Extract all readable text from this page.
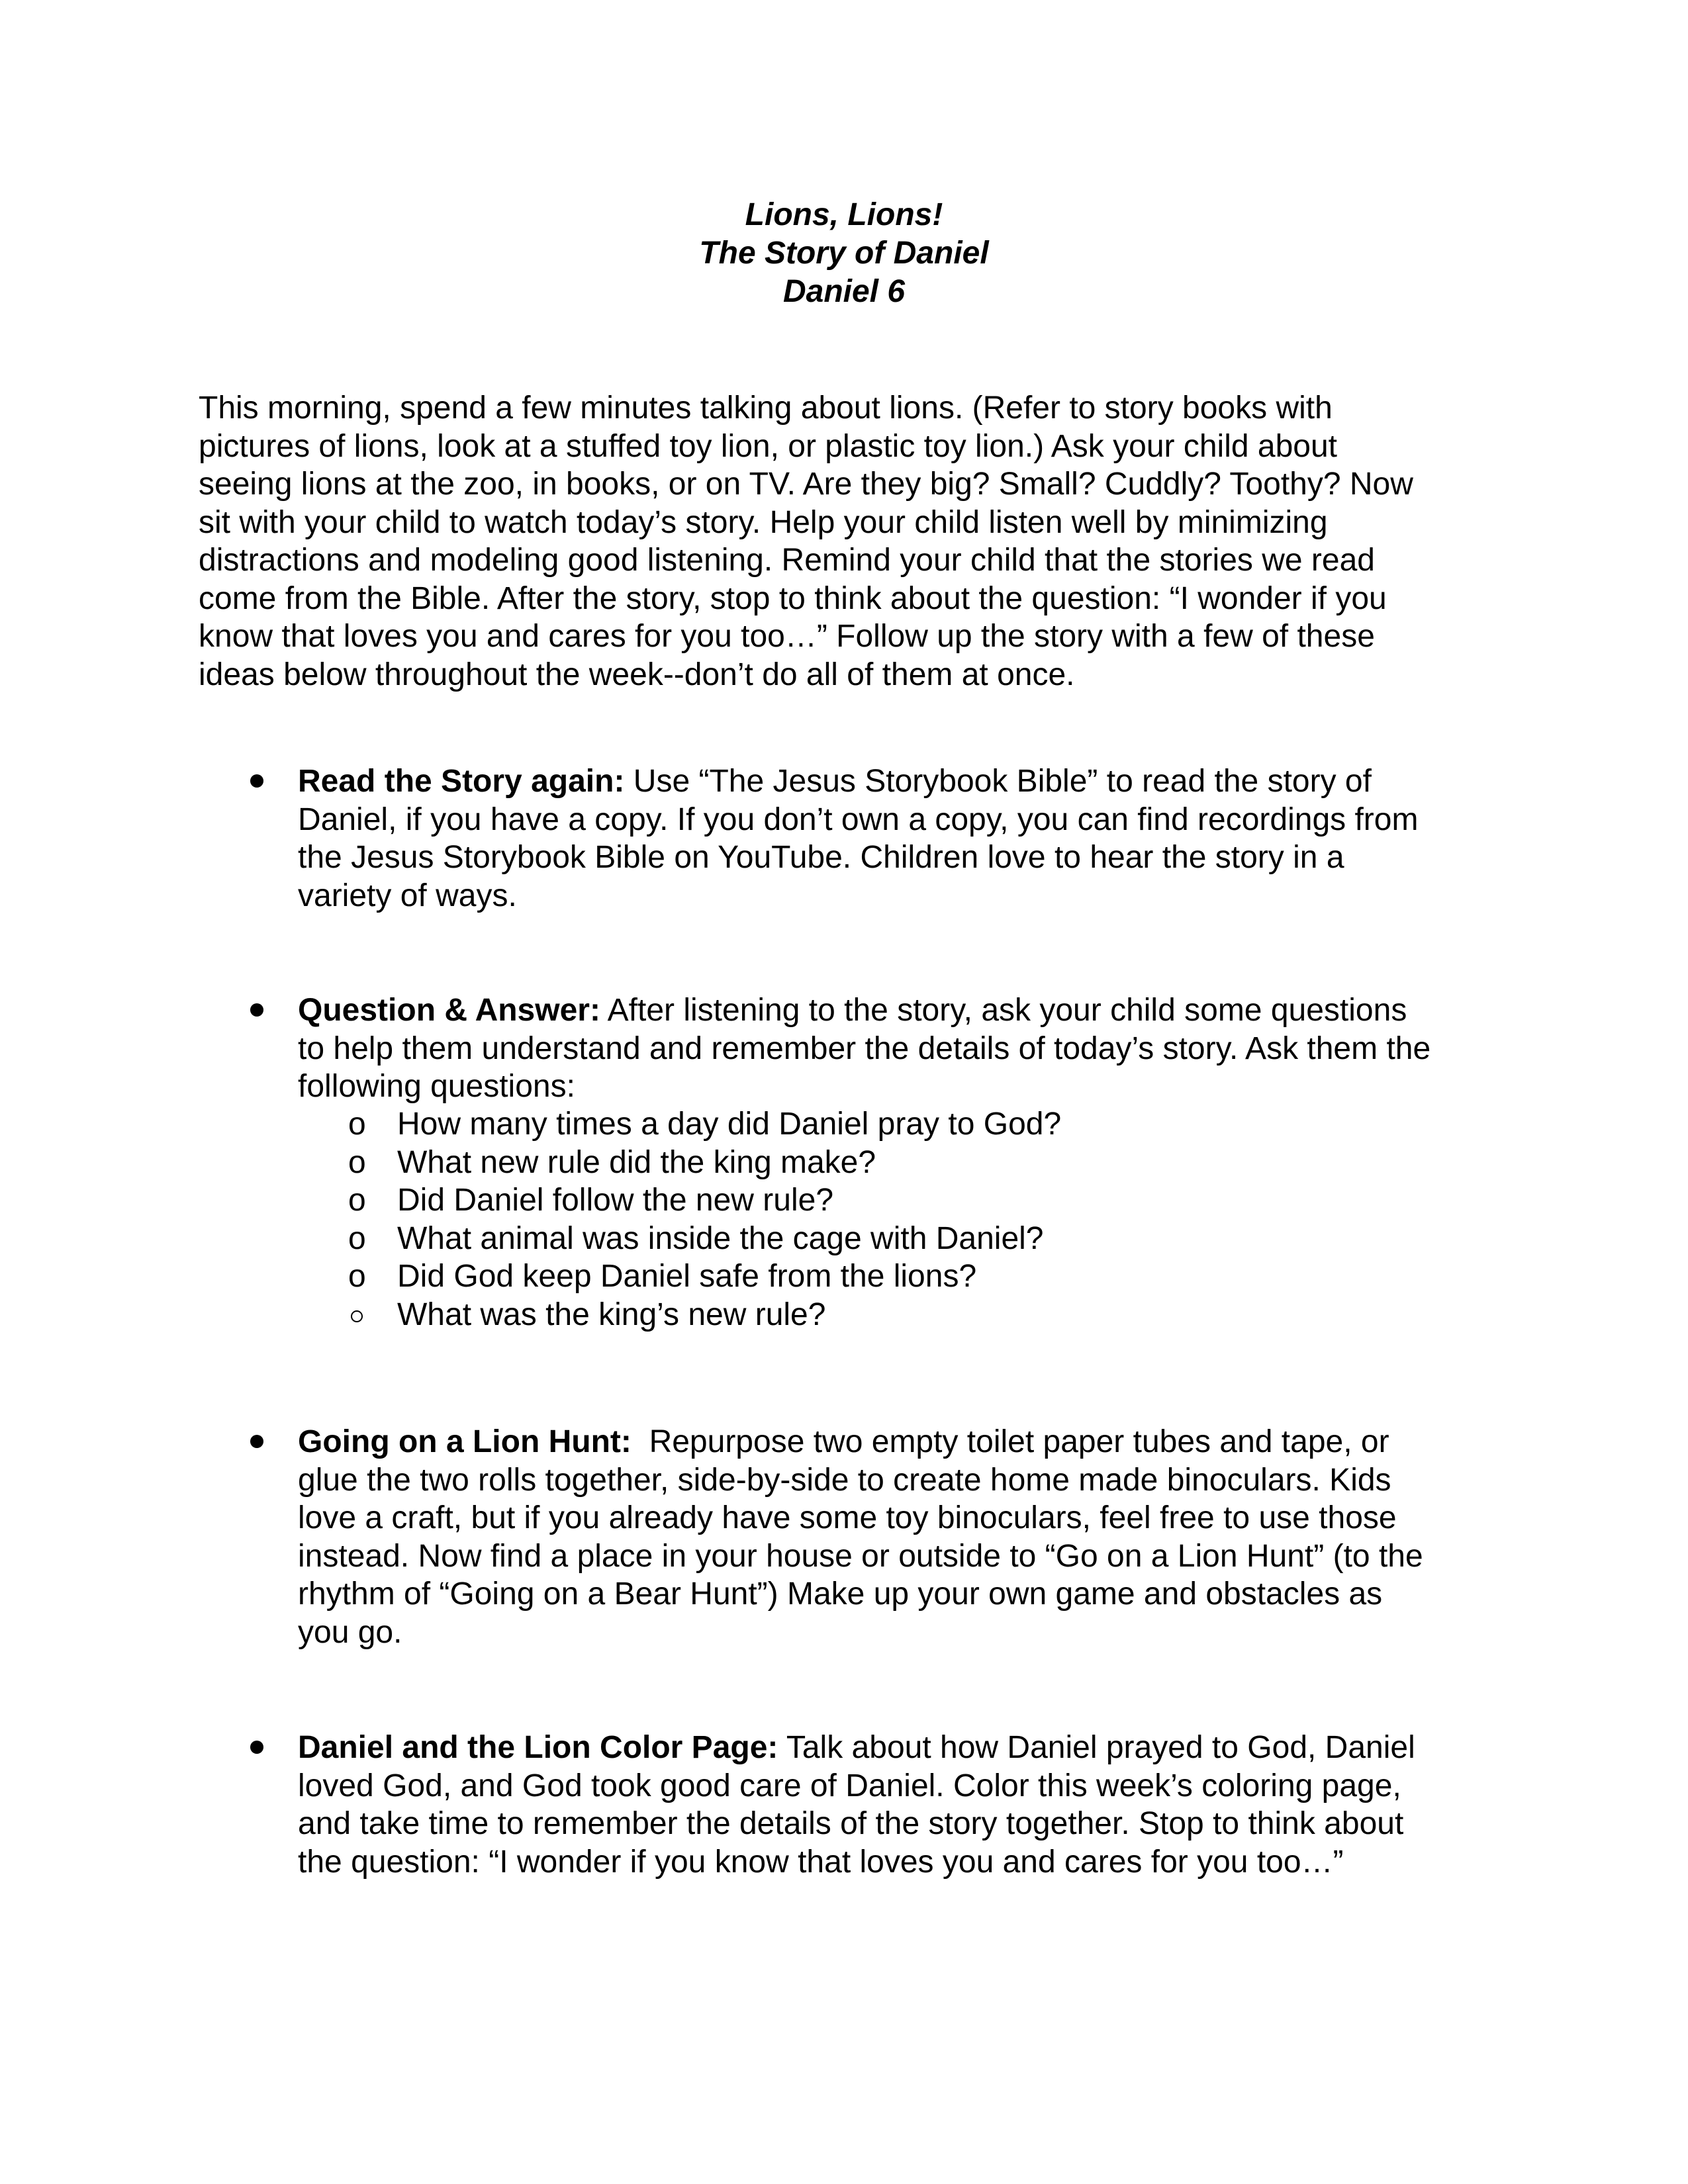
Lions, Lions!
The Story of Daniel
Daniel 6
This morning, spend a few minutes talking about lions. (Refer to story books with
pictures of lions, look at a stuffed toy lion, or plastic toy lion.) Ask your child about
seeing lions at the zoo, in books, or on TV. Are they big? Small? Cuddly? Toothy? Now
sit with your child to watch today’s story. Help your child listen well by minimizing
distractions and modeling good listening. Remind your child that the stories we read
come from the Bible. After the story, stop to think about the question: “I wonder if you
know that loves you and cares for you too…” Follow up the story with a few of these
ideas below throughout the week--don’t do all of them at once.
Read the Story again: Use “The Jesus Storybook Bible” to read the story of
Daniel, if you have a copy. If you don’t own a copy, you can find recordings from
the Jesus Storybook Bible on YouTube. Children love to hear the story in a
variety of ways.
Question & Answer: After listening to the story, ask your child some questions
to help them understand and remember the details of today’s story. Ask them the
following questions:
o How many times a day did Daniel pray to God?
o What new rule did the king make?
o Did Daniel follow the new rule?
o What animal was inside the cage with Daniel?
o Did God keep Daniel safe from the lions?
What was the king’s new rule?
Going on a Lion Hunt:  Repurpose two empty toilet paper tubes and tape, or
glue the two rolls together, side-by-side to create home made binoculars. Kids
love a craft, but if you already have some toy binoculars, feel free to use those
instead. Now find a place in your house or outside to “Go on a Lion Hunt” (to the
rhythm of “Going on a Bear Hunt”) Make up your own game and obstacles as
you go.
Daniel and the Lion Color Page: Talk about how Daniel prayed to God, Daniel
loved God, and God took good care of Daniel. Color this week’s coloring page,
and take time to remember the details of the story together. Stop to think about
the question: “I wonder if you know that loves you and cares for you too…”
